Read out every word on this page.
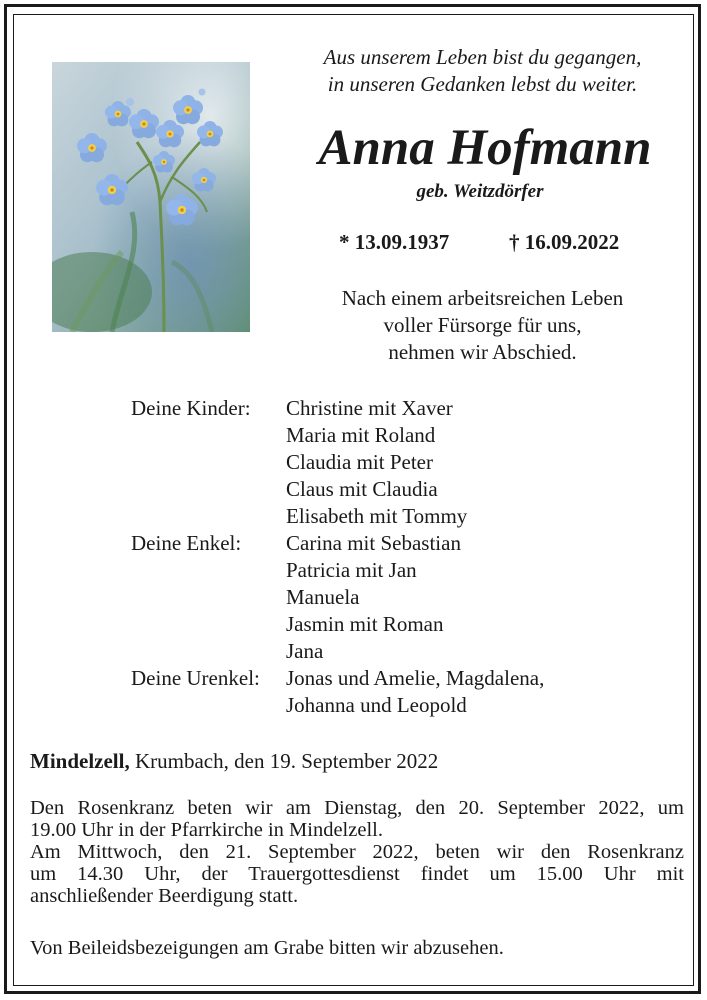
Aus unserem Leben bist du gegangen,
in unseren Gedanken lebst du weiter.
Anna Hofmann
geb. Weitzdörfer
* 13.09.1937	† 16.09.2022
Nach einem arbeitsreichen Leben
voller Fürsorge für uns,
nehmen wir Abschied.
Deine Kinder:	Christine mit Xaver
Maria mit Roland
Claudia mit Peter
Claus mit Claudia
Elisabeth mit Tommy
Deine Enkel:	Carina mit Sebastian
Patricia mit Jan
Manuela
Jasmin mit Roman
Jana
Deine Urenkel:	Jonas und Amelie, Magdalena,
Johanna und Leopold
Mindelzell, Krumbach, den 19. September 2022
Den Rosenkranz beten wir am Dienstag, den 20. September 2022, um
19.00 Uhr in der Pfarrkirche in Mindelzell.
Am Mittwoch, den 21. September 2022, beten wir den Rosenkranz
um 14.30 Uhr, der Trauergottesdienst findet um 15.00 Uhr mit
anschließender Beerdigung statt.
Von Beileidsbezeigungen am Grabe bitten wir abzusehen.
